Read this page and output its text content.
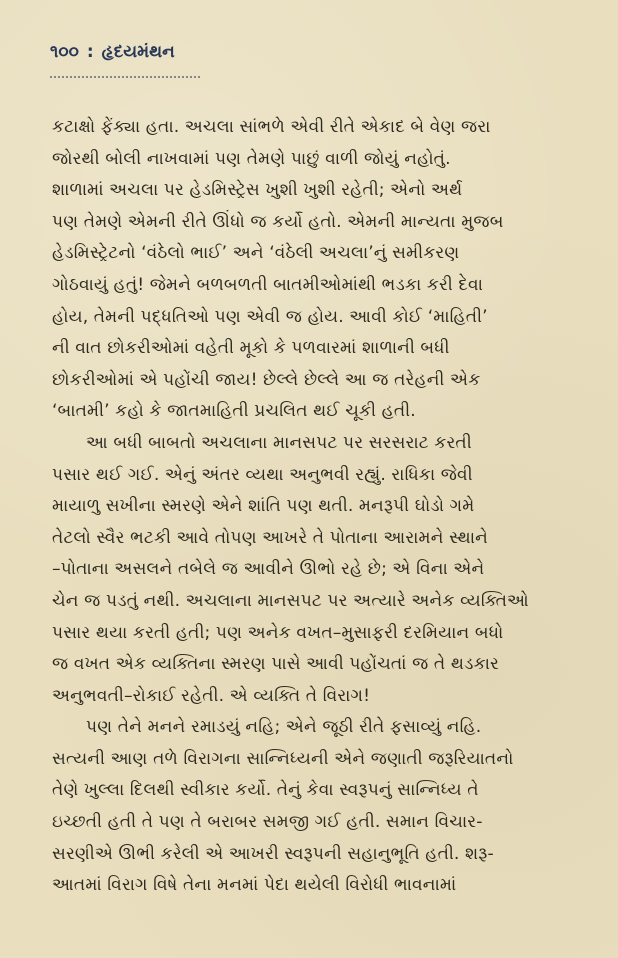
૧૦૦ : હૃદયમંથન
કટાક્ષો ફેંક્યા હતા. અચલા સાંભળે એવી રીતે એકાદ બે વેણ જરા
જોરથી બોલી નાખવામાં પણ તેમણે પાછું વાળી જોયું નહોતું.
શાળામાં અચલા પર હેડમિસ્ટ્રેસ ખુશી ખુશી રહેતી; એનો અર્થ
પણ તેમણે એમની રીતે ઊંધો જ કર્યો હતો. એમની માન્યતા મુજબ
હેડમિસ્ટ્રેટનો ‘વંઠેલો ભાઈ’ અને ‘વંઠેલી અચલા’નું સમીકરણ
ગોઠવાયું હતું! જેમને બળબળતી બાતમીઓમાંથી ભડકા કરી દેવા
હોય, તેમની પદ્ધતિઓ પણ એવી જ હોય. આવી કોઈ ‘માહિતી’
ની વાત છોકરીઓમાં વહેતી મૂકો કે પળવારમાં શાળાની બધી
છોકરીઓમાં એ પહોંચી જાય! છેલ્લે છેલ્લે આ જ તરેહની એક
‘બાતમી’ કહો કે જાતમાહિતી પ્રચલિત થઈ ચૂકી હતી.
આ બધી બાબતો અચલાના માનસપટ પર સરસરાટ કરતી
પસાર થઈ ગઈ. એનું અંતર વ્યથા અનુભવી રહ્યું. રાધિકા જેવી
માયાળુ સખીના સ્મરણે એને શાંતિ પણ થતી. મનરૂપી ઘોડો ગમે
તેટલો સ્વૈર ભટકી આવે તોપણ આખરે તે પોતાના આરામને સ્થાને
–પોતાના અસલને તબેલે જ આવીને ઊભો રહે છે; એ વિના એને
ચેન જ પડતું નથી. અચલાના માનસપટ પર અત્યારે અનેક વ્યક્તિઓ
પસાર થયા કરતી હતી; પણ અનેક વખત–મુસાફરી દરમિયાન બધો
જ વખત એક વ્યક્તિના સ્મરણ પાસે આવી પહોંચતાં જ તે થડકાર
અનુભવતી–રોકાઈ રહેતી. એ વ્યક્તિ તે વિરાગ!
પણ તેને મનને રમાડયું નહિ; એને જૂઠી રીતે ફસાવ્યું નહિ.
સત્યની આણ તળે વિરાગના સાન્નિધ્યની એને જણાતી જરૂરિયાતનો
તેણે ખુલ્લા દિલથી સ્વીકાર કર્યો. તેનું કેવા સ્વરૂપનું સાન્નિધ્ય તે
ઇચ્છતી હતી તે પણ તે બરાબર સમજી ગઈ હતી. સમાન વિચાર-
સરણીએ ઊભી કરેલી એ આખરી સ્વરૂપની સહાનુભૂતિ હતી. શરૂ-
આતમાં વિરાગ વિષે તેના મનમાં પેદા થયેલી વિરોધી ભાવનામાં
